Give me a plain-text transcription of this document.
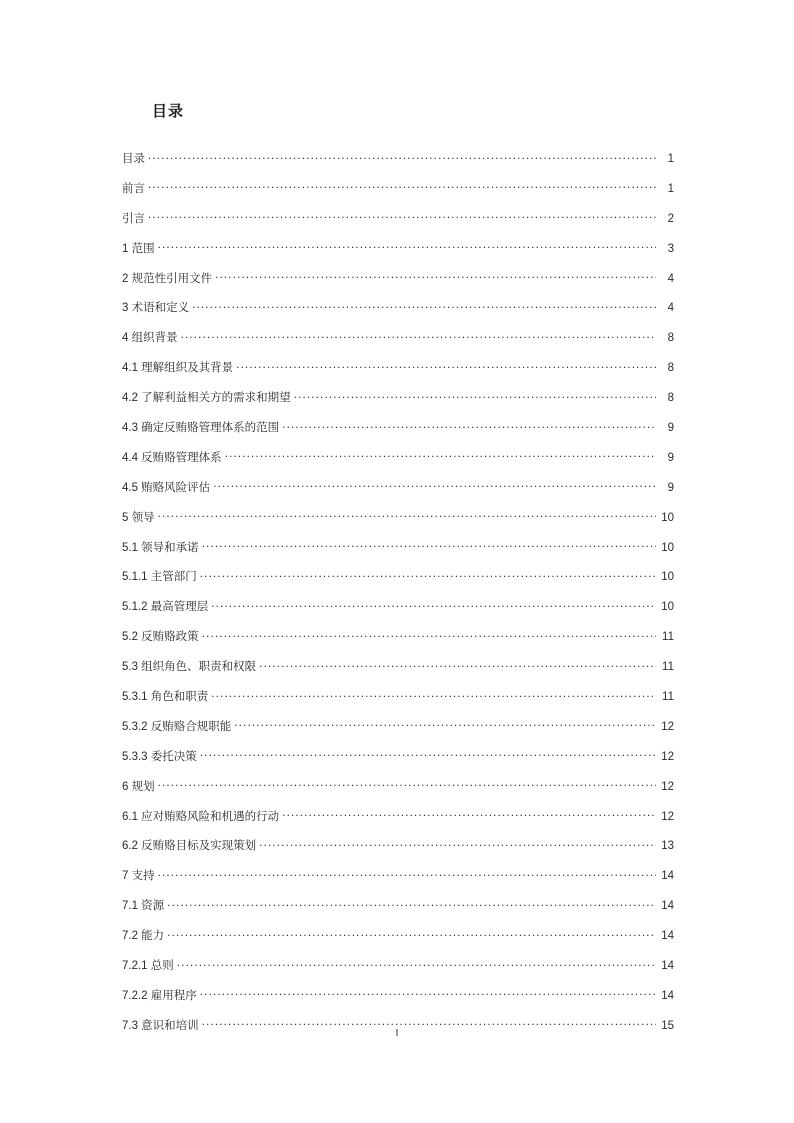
目录
目录 .....	1
前言 .....	1
引言 .....	2
1 范围 .....	3
2 规范性引用文件 .....	4
3 术语和定义 .....	4
4 组织背景 .....	8
4.1 理解组织及其背景 .....	8
4.2 了解利益相关方的需求和期望 .....	8
4.3 确定反贿赂管理体系的范围 .....	9
4.4 反贿赂管理体系 .....	9
4.5 贿赂风险评估 .....	9
5 领导 .....	10
5.1 领导和承诺 .....	10
5.1.1 主管部门 .....	10
5.1.2 最高管理层 .....	10
5.2 反贿赂政策 .....	11
5.3 组织角色、职责和权限 .....	11
5.3.1 角色和职责 .....	11
5.3.2 反贿赂合规职能 .....	12
5.3.3 委托决策 .....	12
6 规划 .....	12
6.1 应对贿赂风险和机遇的行动 .....	12
6.2 反贿赂目标及实现策划 .....	13
7 支持 .....	14
7.1 资源 .....	14
7.2 能力 .....	14
7.2.1 总则 .....	14
7.2.2 雇用程序 .....	14
7.3 意识和培训 .....	15
I
